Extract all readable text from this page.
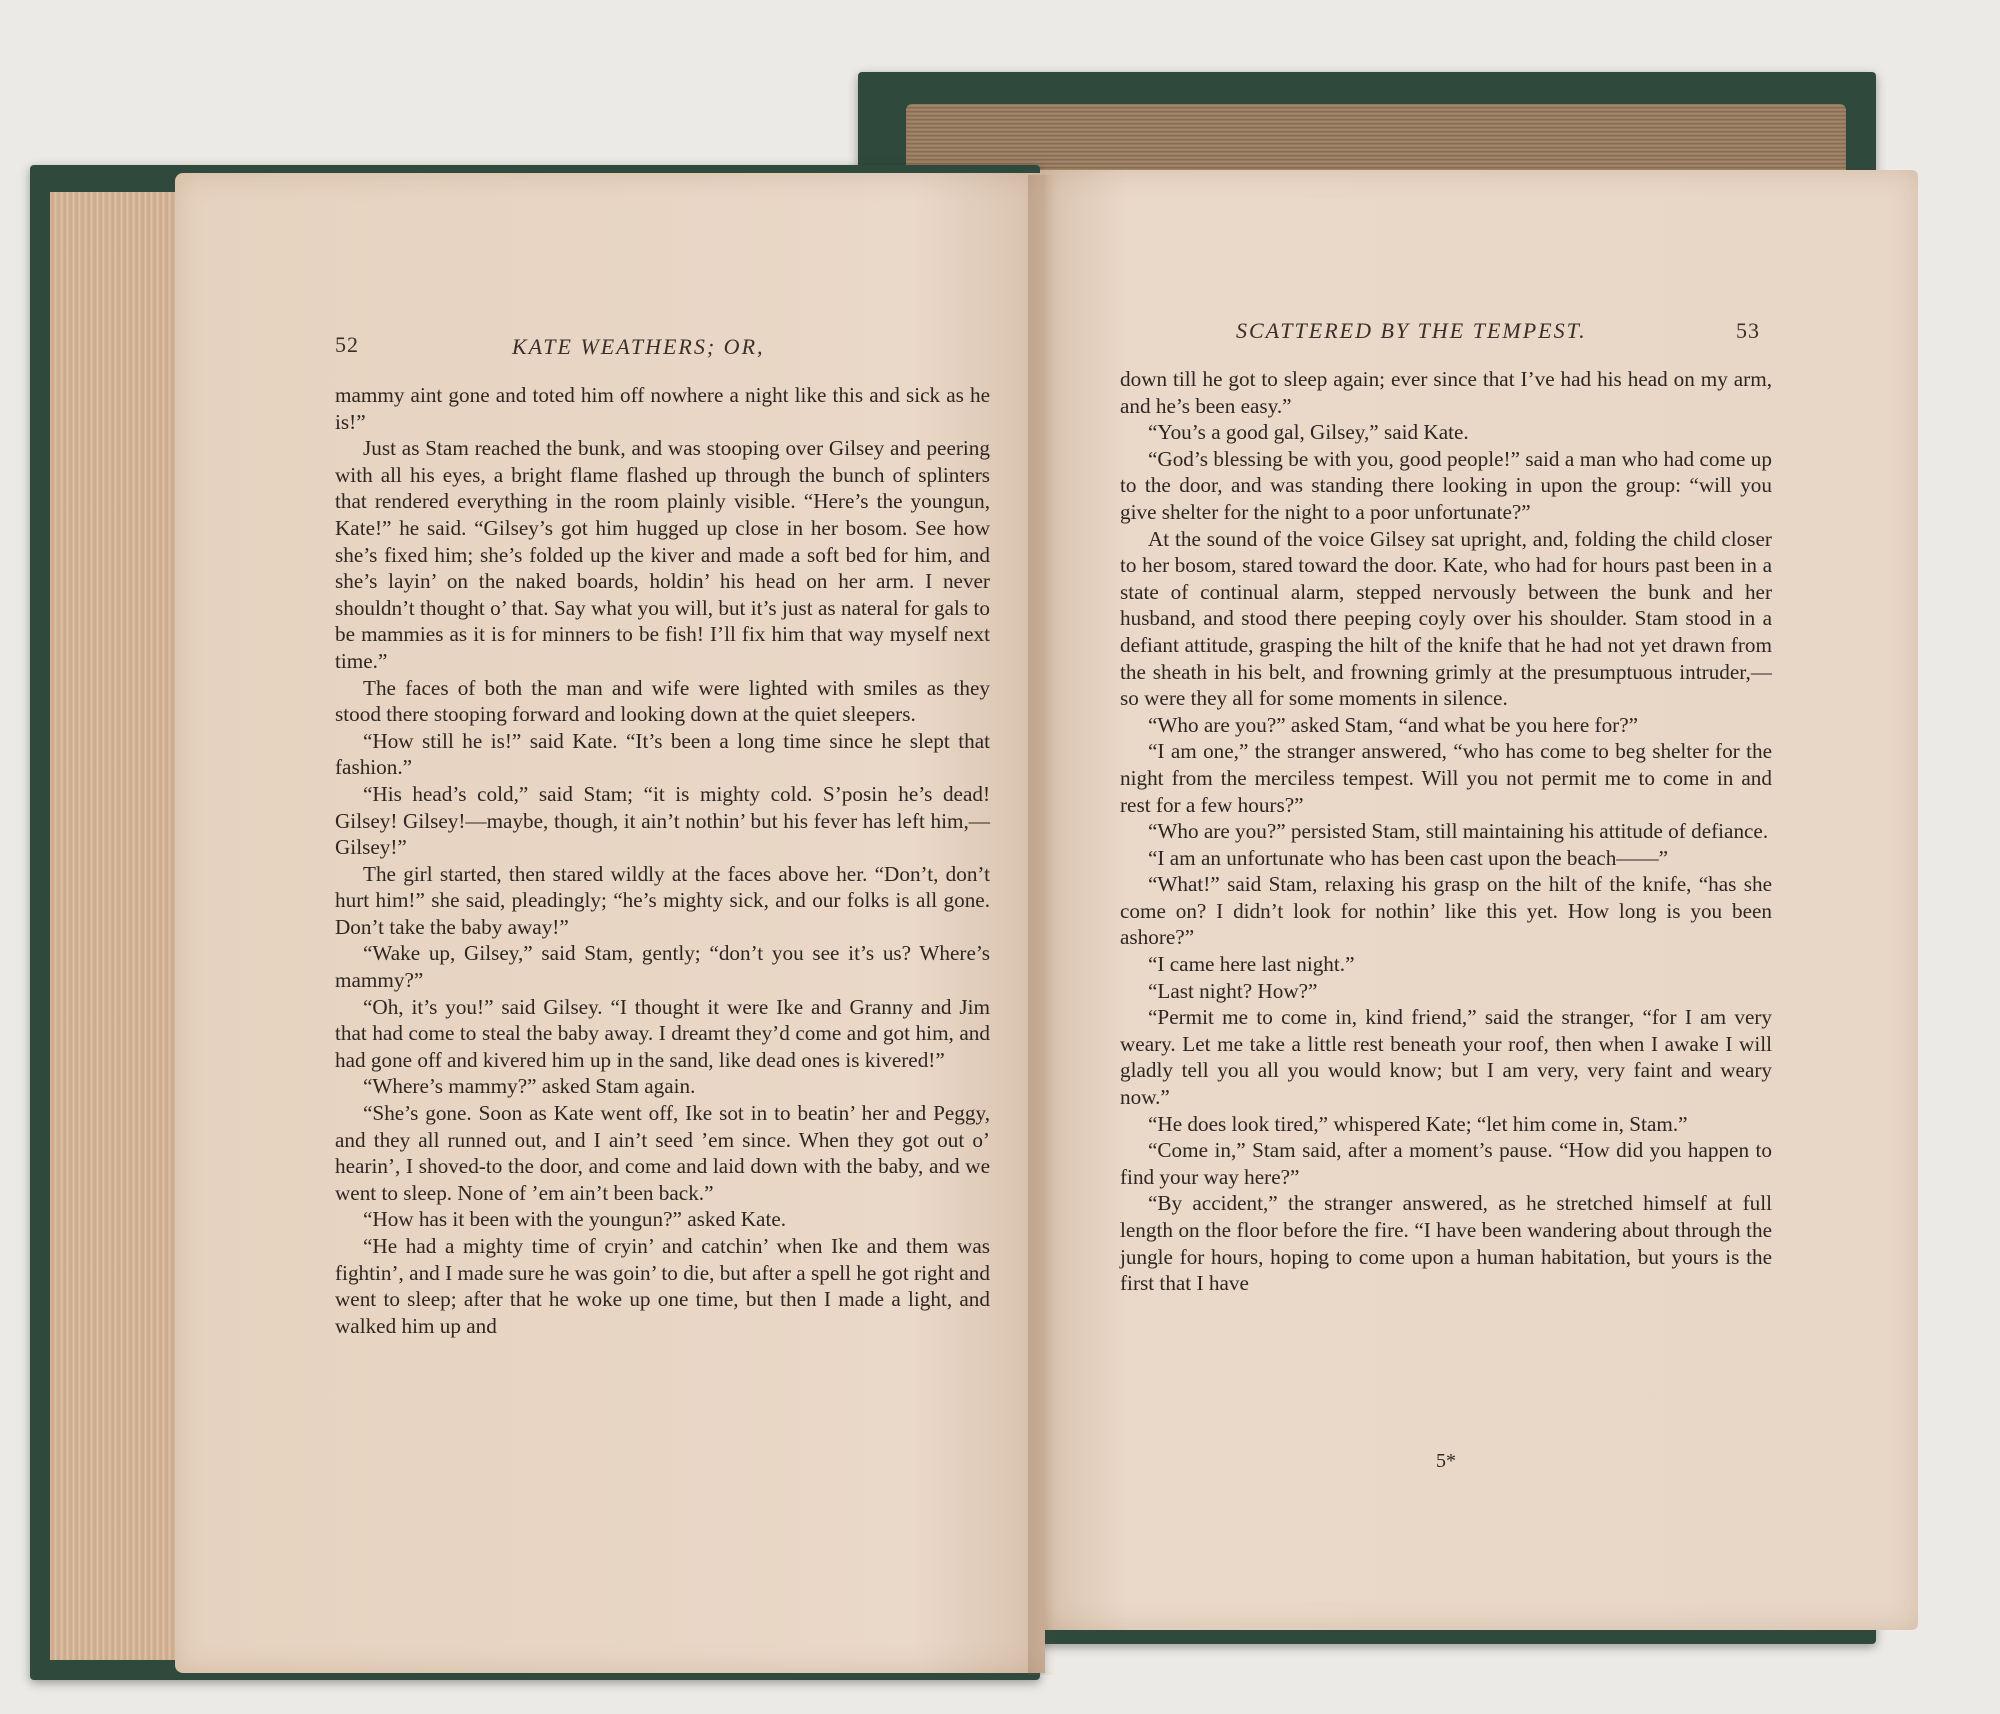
52	KATE WEATHERS; OR,
SCATTERED BY THE TEMPEST.	53

mammy aint gone and toted him off nowhere a night like this and sick as he is!”

Just as Stam reached the bunk, and was stooping over Gilsey and peering with all his eyes, a bright flame flashed up through the bunch of splinters that rendered everything in the room plainly visible. “Here’s the youngun, Kate!” he said. “Gilsey’s got him hugged up close in her bosom. See how she’s fixed him; she’s folded up the kiver and made a soft bed for him, and she’s layin’ on the naked boards, holdin’ his head on her arm. I never shouldn’t thought o’ that. Say what you will, but it’s just as nateral for gals to be mammies as it is for minners to be fish! I’ll fix him that way myself next time.”

The faces of both the man and wife were lighted with smiles as they stood there stooping forward and looking down at the quiet sleepers.

“How still he is!” said Kate. “It’s been a long time since he slept that fashion.”

“His head’s cold,” said Stam; “it is mighty cold. S’posin he’s dead! Gilsey! Gilsey!—maybe, though, it ain’t nothin’ but his fever has left him,—Gilsey!”

The girl started, then stared wildly at the faces above her. “Don’t, don’t hurt him!” she said, pleadingly; “he’s mighty sick, and our folks is all gone. Don’t take the baby away!”

“Wake up, Gilsey,” said Stam, gently; “don’t you see it’s us? Where’s mammy?”

“Oh, it’s you!” said Gilsey. “I thought it were Ike and Granny and Jim that had come to steal the baby away. I dreamt they’d come and got him, and had gone off and kivered him up in the sand, like dead ones is kivered!”

“Where’s mammy?” asked Stam again.

“She’s gone. Soon as Kate went off, Ike sot in to beatin’ her and Peggy, and they all runned out, and I ain’t seed ’em since. When they got out o’ hearin’, I shoved-to the door, and come and laid down with the baby, and we went to sleep. None of ’em ain’t been back.”

“How has it been with the youngun?” asked Kate.

“He had a mighty time of cryin’ and catchin’ when Ike and them was fightin’, and I made sure he was goin’ to die, but after a spell he got right and went to sleep; after that he woke up one time, but then I made a light, and walked him up and

down till he got to sleep again; ever since that I’ve had his head on my arm, and he’s been easy.”

“You’s a good gal, Gilsey,” said Kate.

“God’s blessing be with you, good people!” said a man who had come up to the door, and was standing there looking in upon the group: “will you give shelter for the night to a poor unfortunate?”

At the sound of the voice Gilsey sat upright, and, folding the child closer to her bosom, stared toward the door. Kate, who had for hours past been in a state of continual alarm, stepped nervously between the bunk and her husband, and stood there peeping coyly over his shoulder. Stam stood in a defiant attitude, grasping the hilt of the knife that he had not yet drawn from the sheath in his belt, and frowning grimly at the presumptuous intruder,—so were they all for some moments in silence.

“Who are you?” asked Stam, “and what be you here for?”

“I am one,” the stranger answered, “who has come to beg shelter for the night from the merciless tempest. Will you not permit me to come in and rest for a few hours?”

“Who are you?” persisted Stam, still maintaining his attitude of defiance.

“I am an unfortunate who has been cast upon the beach——”

“What!” said Stam, relaxing his grasp on the hilt of the knife, “has she come on? I didn’t look for nothin’ like this yet. How long is you been ashore?”

“I came here last night.”

“Last night? How?”

“Permit me to come in, kind friend,” said the stranger, “for I am very weary. Let me take a little rest beneath your roof, then when I awake I will gladly tell you all you would know; but I am very, very faint and weary now.”

“He does look tired,” whispered Kate; “let him come in, Stam.”

“Come in,” Stam said, after a moment’s pause. “How did you happen to find your way here?”

“By accident,” the stranger answered, as he stretched himself at full length on the floor before the fire. “I have been wandering about through the jungle for hours, hoping to come upon a human habitation, but yours is the first that I have

5*
